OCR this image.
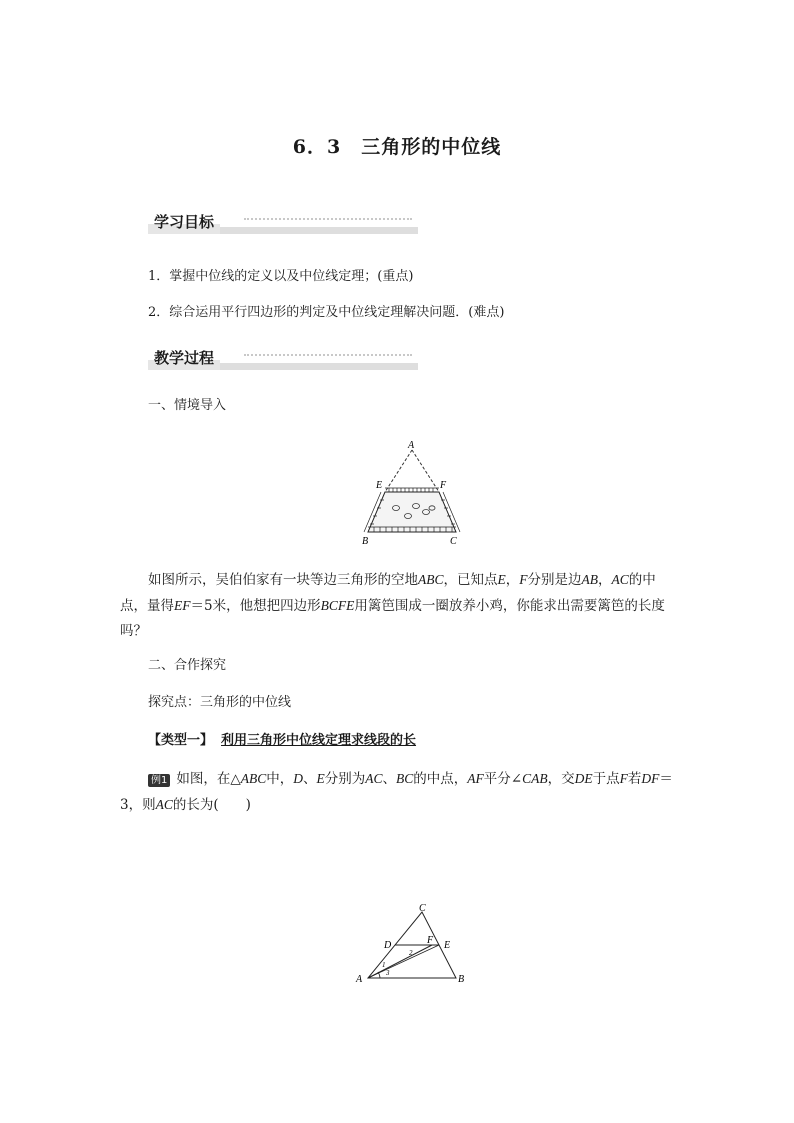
6．3　三角形的中位线
学习目标
1．掌握中位线的定义以及中位线定理；(重点)
2．综合运用平行四边形的判定及中位线定理解决问题．(难点)
教学过程
一、情境导入
A
E	F
B	C
如图所示，吴伯伯家有一块等边三角形的空地ABC，已知点E，F分别是边AB，AC的中点，量得EF＝5米，他想把四边形BCFE用篱笆围成一圈放养小鸡，你能求出需要篱笆的长度吗？
二、合作探究
探究点：三角形的中位线
【类型一】 利用三角形中位线定理求线段的长
例1 如图，在△ABC中，D、E分别为AC、BC的中点，AF平分∠CAB，交DE于点F若DF＝3，则AC的长为(　　)
C
D	F E
A	B
1
2
3
